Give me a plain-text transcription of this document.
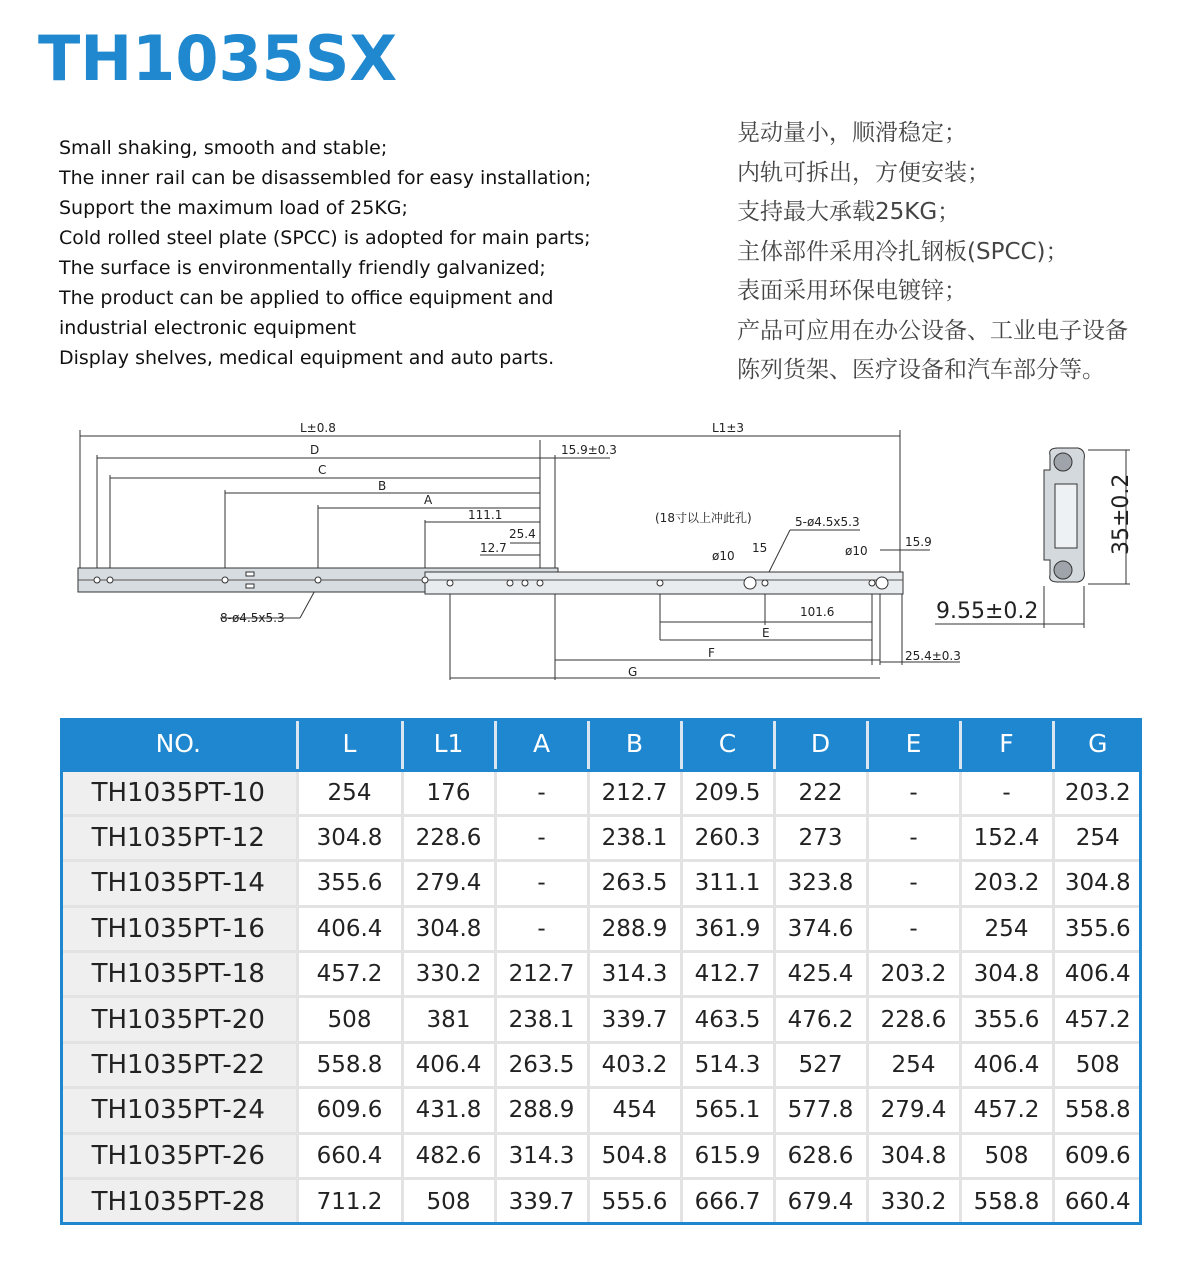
TH1035SX
Small shaking, smooth and stable;
The inner rail can be disassembled for easy installation;
Support the maximum load of 25KG;
Cold rolled steel plate (SPCC) is adopted for main parts;
The surface is environmentally friendly galvanized;
The product can be applied to office equipment and
industrial electronic equipment
Display shelves, medical equipment and auto parts.
晃动量小，顺滑稳定；
内轨可拆出，方便安装；
支持最大承载25KG；
主体部件采用冷扎钢板(SPCC)；
表面采用环保电镀锌；
产品可应用在办公设备、工业电子设备
陈列货架、医疗设备和汽车部分等。
L±0.8	L1±3
D	15.9±0.3
C
B
A
111.1
25.4
12.7
(18寸以上冲此孔)	5-ø4.5x5.3
ø10
15	ø10
15.9
8-ø4.5x5.3	101.6
E
F
G
25.4±0.3
35±0.2
9.55±0.2
NO.	L	L1	A	B	C	D	E	F	G
TH1035PT-10	254	176	-	212.7	209.5	222	-	-	203.2
TH1035PT-12	304.8	228.6	-	238.1	260.3	273	-	152.4	254
TH1035PT-14	355.6	279.4	-	263.5	311.1	323.8	-	203.2	304.8
TH1035PT-16	406.4	304.8	-	288.9	361.9	374.6	-	254	355.6
TH1035PT-18	457.2	330.2	212.7	314.3	412.7	425.4	203.2	304.8	406.4
TH1035PT-20	508	381	238.1	339.7	463.5	476.2	228.6	355.6	457.2
TH1035PT-22	558.8	406.4	263.5	403.2	514.3	527	254	406.4	508
TH1035PT-24	609.6	431.8	288.9	454	565.1	577.8	279.4	457.2	558.8
TH1035PT-26	660.4	482.6	314.3	504.8	615.9	628.6	304.8	508	609.6
TH1035PT-28	711.2	508	339.7	555.6	666.7	679.4	330.2	558.8	660.4
